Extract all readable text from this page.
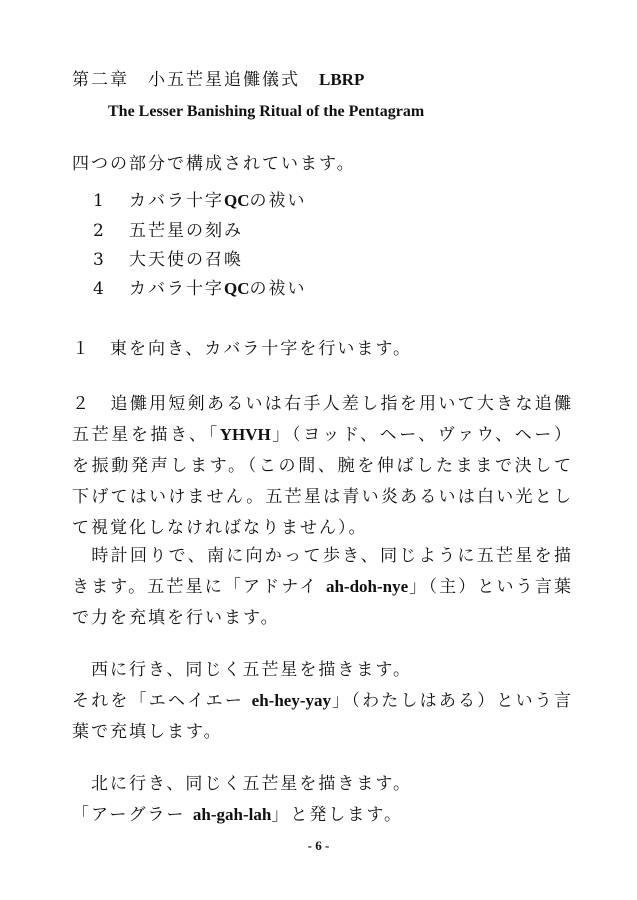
第二章　小五芒星追儺儀式　 LBRP
The Lesser Banishing Ritual of the Pentagram
四つの部分で構成されています。
1 カバラ十字QCの祓い
2 五芒星の刻み
3 大天使の召喚
4 カバラ十字QCの祓い
１　東を向き、カバラ十字を行います。
２　追儺用短剣あるいは右手人差し指を用いて大きな追儺
五芒星を描き、「YHVH」（ヨッド、ヘー、ヴァウ、ヘー）
を振動発声します。（この間、腕を伸ばしたままで決して
下げてはいけません。五芒星は青い炎あるいは白い光とし
て視覚化しなければなりません）。
　時計回りで、南に向かって歩き、同じように五芒星を描
きます。五芒星に「アドナイ ah-doh-nye」（主）という言葉
で力を充填を行います。
　西に行き、同じく五芒星を描きます。
それを「エヘイエー eh-hey-yay」（わたしはある）という言
葉で充填します。
　北に行き、同じく五芒星を描きます。
「アーグラー ah-gah-lah」と発します。
- 6 -
